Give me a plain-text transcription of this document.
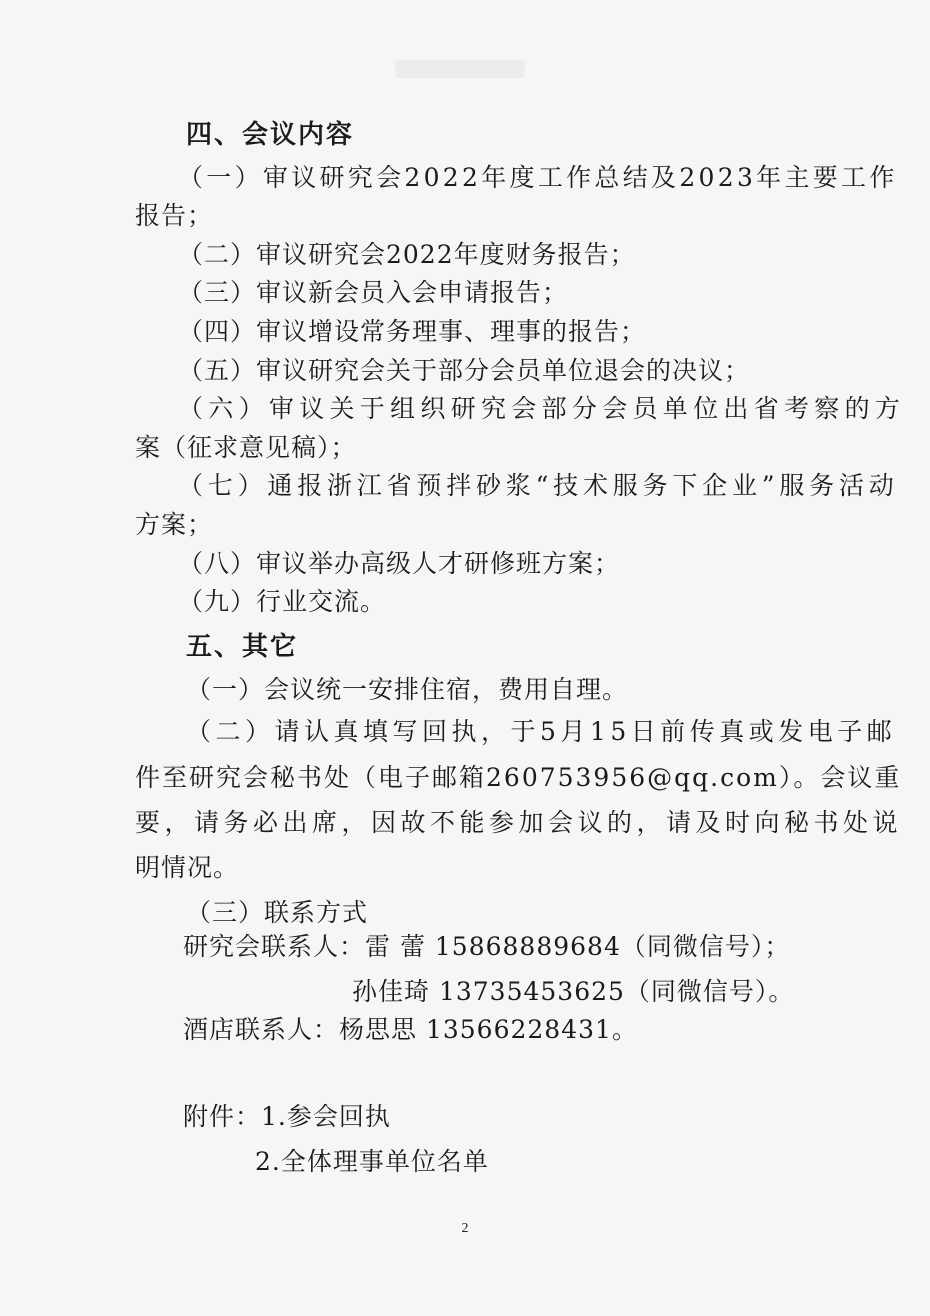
四、会议内容
（一）审议研究会2022年度工作总结及2023年主要工作
报告；
（二）审议研究会2022年度财务报告；
（三）审议新会员入会申请报告；
（四）审议增设常务理事、理事的报告；
（五）审议研究会关于部分会员单位退会的决议；
（六）审议关于组织研究会部分会员单位出省考察的方
案（征求意见稿）；
（七）通报浙江省预拌砂浆“技术服务下企业”服务活动
方案；
（八）审议举办高级人才研修班方案；
（九）行业交流。
五、其它
（一）会议统一安排住宿，费用自理。
（二）请认真填写回执，于5月15日前传真或发电子邮
件至研究会秘书处（电子邮箱260753956@qq.com）。会议重
要，请务必出席，因故不能参加会议的，请及时向秘书处说
明情况。
（三）联系方式
研究会联系人：雷 蕾 15868889684（同微信号）；
孙佳琦 13735453625（同微信号）。
酒店联系人：杨思思 13566228431。
附件：1.参会回执
2.全体理事单位名单
2
